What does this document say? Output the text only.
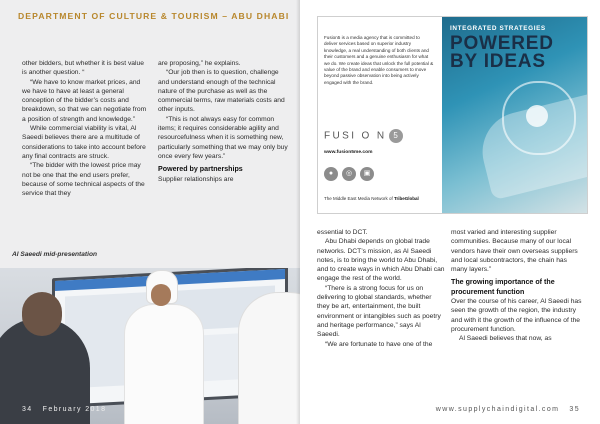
DEPARTMENT OF CULTURE & TOURISM – ABU DHABI

other bidders, but whether it is best value is another question. “

“We have to know market prices, and we have to have at least a general conception of the bidder’s costs and breakdown, so that we can negotiate from a position of strength and knowledge.”

While commercial viability is vital, Al Saeedi believes there are a multitude of considerations to take into account before any final contracts are struck.

“The bidder with the lowest price may not be one that the end users prefer, because of some technical aspects of the service that they

are proposing,” he explains.

“Our job then is to question, challenge and understand enough of the technical nature of the purchase as well as the commercial terms, raw materials costs and other inputs.

“This is not always easy for common items; it requires considerable agility and resourcefulness when it is something new, particularly something that we may only buy once every few years.”

Powered by partnerships

Supplier relationships are

Al Saeedi mid-presentation
34 February 2018
Fusion5 is a media agency that is committed to deliver services based on superior industry knowledge, a real understanding of both clients and their customers and a genuine enthusiasm for what we do. We create ideas that unlock the full potential & value of the brand and enable consumers to move beyond passive observation into being actively engaged with the brand.
FUSI O N 5
www.fusion5me.com
●	◎	▣
The Middle East Media Network of TribeGlobal
INTEGRATED STRATEGIES
POWERED BY IDEAS

essential to DCT.

Abu Dhabi depends on global trade networks. DCT’s mission, as Al Saeedi notes, is to bring the world to Abu Dhabi, and to create ways in which Abu Dhabi can engage the rest of the world.

“There is a strong focus for us on delivering to global standards, whether they be art, entertainment, the built environment or intangibles such as poetry and heritage performance,” says Al Saeedi.

“We are fortunate to have one of the

most varied and interesting supplier communities. Because many of our local vendors have their own overseas suppliers and local subcontractors, the chain has many layers.”

The growing importance of the procurement function

Over the course of his career, Al Saeedi has seen the growth of the region, the industry and with it the growth of the influence of the procurement function.

Al Saeedi believes that now, as

www.supplychaindigital.com 35
